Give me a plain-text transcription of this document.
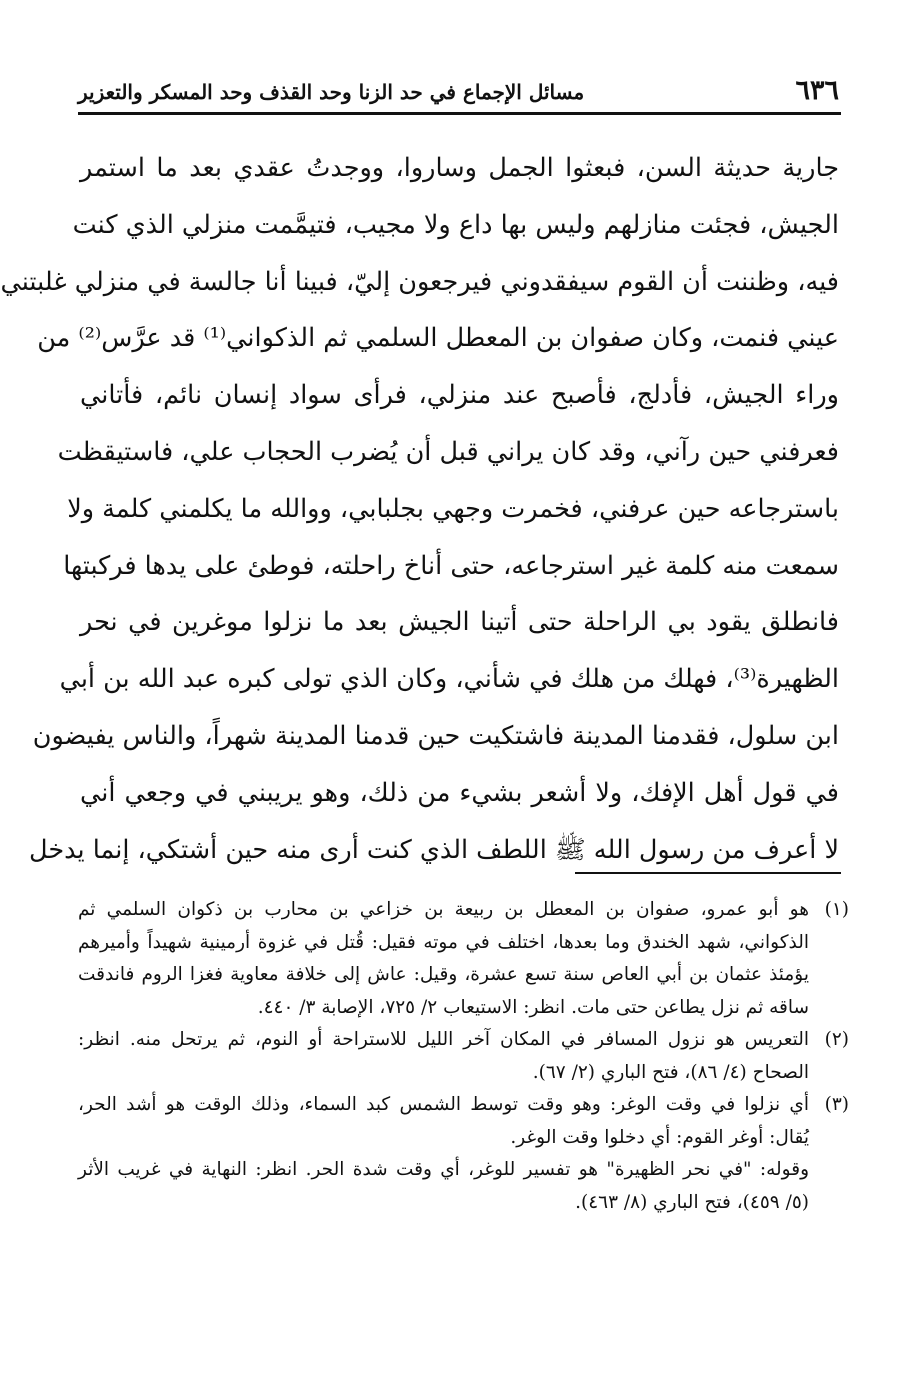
٦٣٦
مسائل الإجماع في حد الزنا وحد القذف وحد المسكر والتعزير
جارية حديثة السن، فبعثوا الجمل وساروا، ووجدتُ عقدي بعد ما استمر
الجيش، فجئت منازلهم وليس بها داع ولا مجيب، فتيمَّمت منزلي الذي كنت
فيه، وظننت أن القوم سيفقدوني فيرجعون إليّ، فبينا أنا جالسة في منزلي غلبتني
عيني فنمت، وكان صفوان بن المعطل السلمي ثم الذكواني⁽¹⁾ قد عرَّس⁽²⁾ من
وراء الجيش، فأدلج، فأصبح عند منزلي، فرأى سواد إنسان نائم، فأتاني
فعرفني حين رآني، وقد كان يراني قبل أن يُضرب الحجاب علي، فاستيقظت
باسترجاعه حين عرفني، فخمرت وجهي بجلبابي، ووالله ما يكلمني كلمة ولا
سمعت منه كلمة غير استرجاعه، حتى أناخ راحلته، فوطئ على يدها فركبتها
فانطلق يقود بي الراحلة حتى أتينا الجيش بعد ما نزلوا موغرين في نحر
الظهيرة⁽³⁾، فهلك من هلك في شأني، وكان الذي تولى كبره عبد الله بن أبي
ابن سلول، فقدمنا المدينة فاشتكيت حين قدمنا المدينة شهراً، والناس يفيضون
في قول أهل الإفك، ولا أشعر بشيء من ذلك، وهو يريبني في وجعي أني
لا أعرف من رسول الله ﷺ اللطف الذي كنت أرى منه حين أشتكي، إنما يدخل
(١)
هو أبو عمرو، صفوان بن المعطل بن ربيعة بن خزاعي بن محارب بن ذكوان السلمي ثم
الذكواني، شهد الخندق وما بعدها، اختلف في موته فقيل: قُتل في غزوة أرمينية شهيداً وأميرهم
يؤمئذ عثمان بن أبي العاص سنة تسع عشرة، وقيل: عاش إلى خلافة معاوية فغزا الروم فاندقت
ساقه ثم نزل يطاعن حتى مات. انظر: الاستيعاب ٢/ ٧٢٥، الإصابة ٣/ ٤٤٠.
(٢)
التعريس هو نزول المسافر في المكان آخر الليل للاستراحة أو النوم، ثم يرتحل منه. انظر:
الصحاح (٤/ ٨٦)، فتح الباري (٢/ ٦٧).
(٣)
أي نزلوا في وقت الوغر: وهو وقت توسط الشمس كبد السماء، وذلك الوقت هو أشد الحر،
يُقال: أوغر القوم: أي دخلوا وقت الوغر.
وقوله: "في نحر الظهيرة" هو تفسير للوغر، أي وقت شدة الحر. انظر: النهاية في غريب الأثر
(٥/ ٤٥٩)، فتح الباري (٨/ ٤٦٣).
